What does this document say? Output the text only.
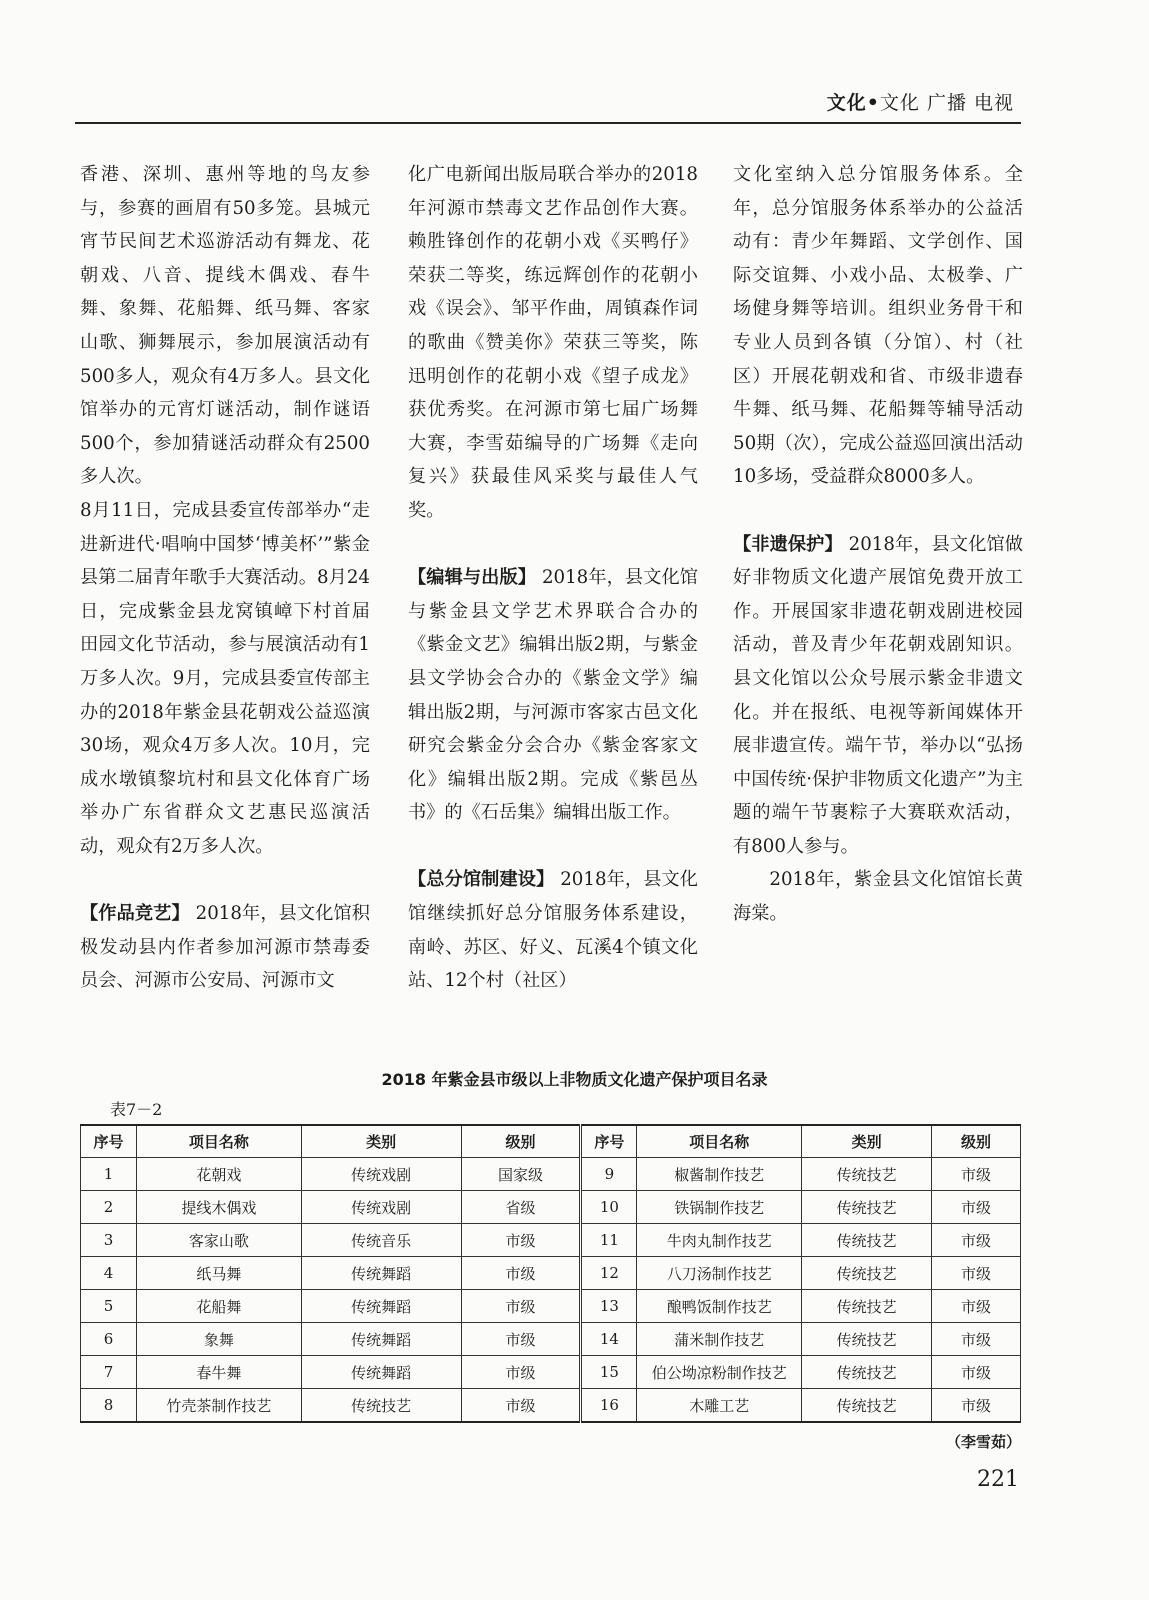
文化•文化 广播 电视

香港、深圳、惠州等地的鸟友参与，参赛的画眉有50多笼。县城元宵节民间艺术巡游活动有舞龙、花朝戏、八音、提线木偶戏、春牛舞、象舞、花船舞、纸马舞、客家山歌、狮舞展示，参加展演活动有500多人，观众有4万多人。县文化馆举办的元宵灯谜活动，制作谜语500个，参加猜谜活动群众有2500多人次。

8月11日，完成县委宣传部举办“走进新进代·唱响中国梦‘博美杯’”紫金县第二届青年歌手大赛活动。8月24日，完成紫金县龙窝镇嶂下村首届田园文化节活动，参与展演活动有1万多人次。9月，完成县委宣传部主办的2018年紫金县花朝戏公益巡演30场，观众4万多人次。10月，完成水墩镇黎坑村和县文化体育广场举办广东省群众文艺惠民巡演活动，观众有2万多人次。

【作品竞艺】 2018年，县文化馆积极发动县内作者参加河源市禁毒委员会、河源市公安局、河源市文

化广电新闻出版局联合举办的2018年河源市禁毒文艺作品创作大赛。赖胜锋创作的花朝小戏《买鸭仔》荣获二等奖，练远辉创作的花朝小戏《误会》、邹平作曲，周镇森作词的歌曲《赞美你》荣获三等奖，陈迅明创作的花朝小戏《望子成龙》获优秀奖。在河源市第七届广场舞大赛，李雪茹编导的广场舞《走向复兴》获最佳风采奖与最佳人气奖。

【编辑与出版】 2018年，县文化馆与紫金县文学艺术界联合合办的《紫金文艺》编辑出版2期，与紫金县文学协会合办的《紫金文学》编辑出版2期，与河源市客家古邑文化研究会紫金分会合办《紫金客家文化》编辑出版2期。完成《紫邑丛书》的《石岳集》编辑出版工作。

【总分馆制建设】 2018年，县文化馆继续抓好总分馆服务体系建设，南岭、苏区、好义、瓦溪4个镇文化站、12个村（社区）

文化室纳入总分馆服务体系。全年，总分馆服务体系举办的公益活动有：青少年舞蹈、文学创作、国际交谊舞、小戏小品、太极拳、广场健身舞等培训。组织业务骨干和专业人员到各镇（分馆）、村（社区）开展花朝戏和省、市级非遗春牛舞、纸马舞、花船舞等辅导活动50期（次），完成公益巡回演出活动10多场，受益群众8000多人。

【非遗保护】 2018年，县文化馆做好非物质文化遗产展馆免费开放工作。开展国家非遗花朝戏剧进校园活动，普及青少年花朝戏剧知识。县文化馆以公众号展示紫金非遗文化。并在报纸、电视等新闻媒体开展非遗宣传。端午节，举办以“弘扬中国传统·保护非物质文化遗产”为主题的端午节裹粽子大赛联欢活动，有800人参与。

2018年，紫金县文化馆馆长黄海棠。

2018 年紫金县市级以上非物质文化遗产保护项目名录
表7－2
序号	项目名称	类别	级别	序号	项目名称	类别	级别
1	花朝戏	传统戏剧	国家级	9	椒酱制作技艺	传统技艺	市级
2	提线木偶戏	传统戏剧	省级	10	铁锅制作技艺	传统技艺	市级
3	客家山歌	传统音乐	市级	11	牛肉丸制作技艺	传统技艺	市级
4	纸马舞	传统舞蹈	市级	12	八刀汤制作技艺	传统技艺	市级
5	花船舞	传统舞蹈	市级	13	酿鸭饭制作技艺	传统技艺	市级
6	象舞	传统舞蹈	市级	14	蒲米制作技艺	传统技艺	市级
7	春牛舞	传统舞蹈	市级	15	伯公坳凉粉制作技艺	传统技艺	市级
8	竹壳茶制作技艺	传统技艺	市级	16	木雕工艺	传统技艺	市级
（李雪茹）
221
